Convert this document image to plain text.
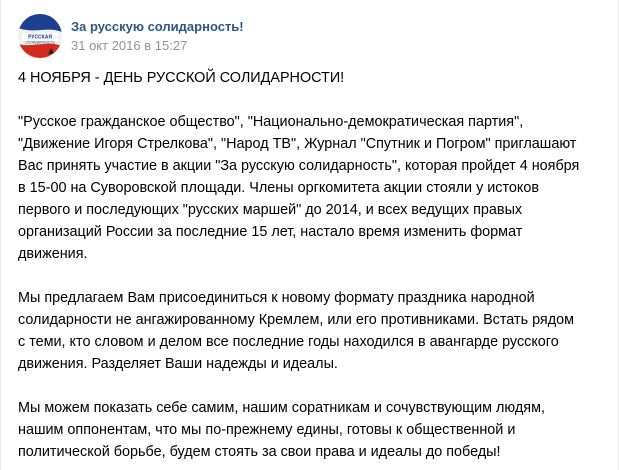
РУССКАЯ
СОЛИДАРНОСТЬ
За русскую солидарность!
31 окт 2016 в 15:27

4 НОЯБРЯ - ДЕНЬ РУССКОЙ СОЛИДАРНОСТИ!

"Русское гражданское общество", "Национально-демократическая партия",
"Движение Игоря Стрелкова", "Народ ТВ", Журнал "Спутник и Погром" приглашают
Вас принять участие в акции "За русскую солидарность", которая пройдет 4 ноября
в 15-00 на Суворовской площади. Члены оргкомитета акции стояли у истоков
первого и последующих "русских маршей" до 2014, и всех ведущих правых
организаций России за последние 15 лет, настало время изменить формат
движения.

Мы предлагаем Вам присоединиться к новому формату праздника народной
солидарности не ангажированному Кремлем, или его противниками. Встать рядом
с теми, кто словом и делом все последние годы находился в авангарде русского
движения. Разделяет Ваши надежды и идеалы.

Мы можем показать себе самим, нашим соратникам и сочувствующим людям,
нашим оппонентам, что мы по-прежнему едины, готовы к общественной и
политической борьбе, будем стоять за свои права и идеалы до победы!
